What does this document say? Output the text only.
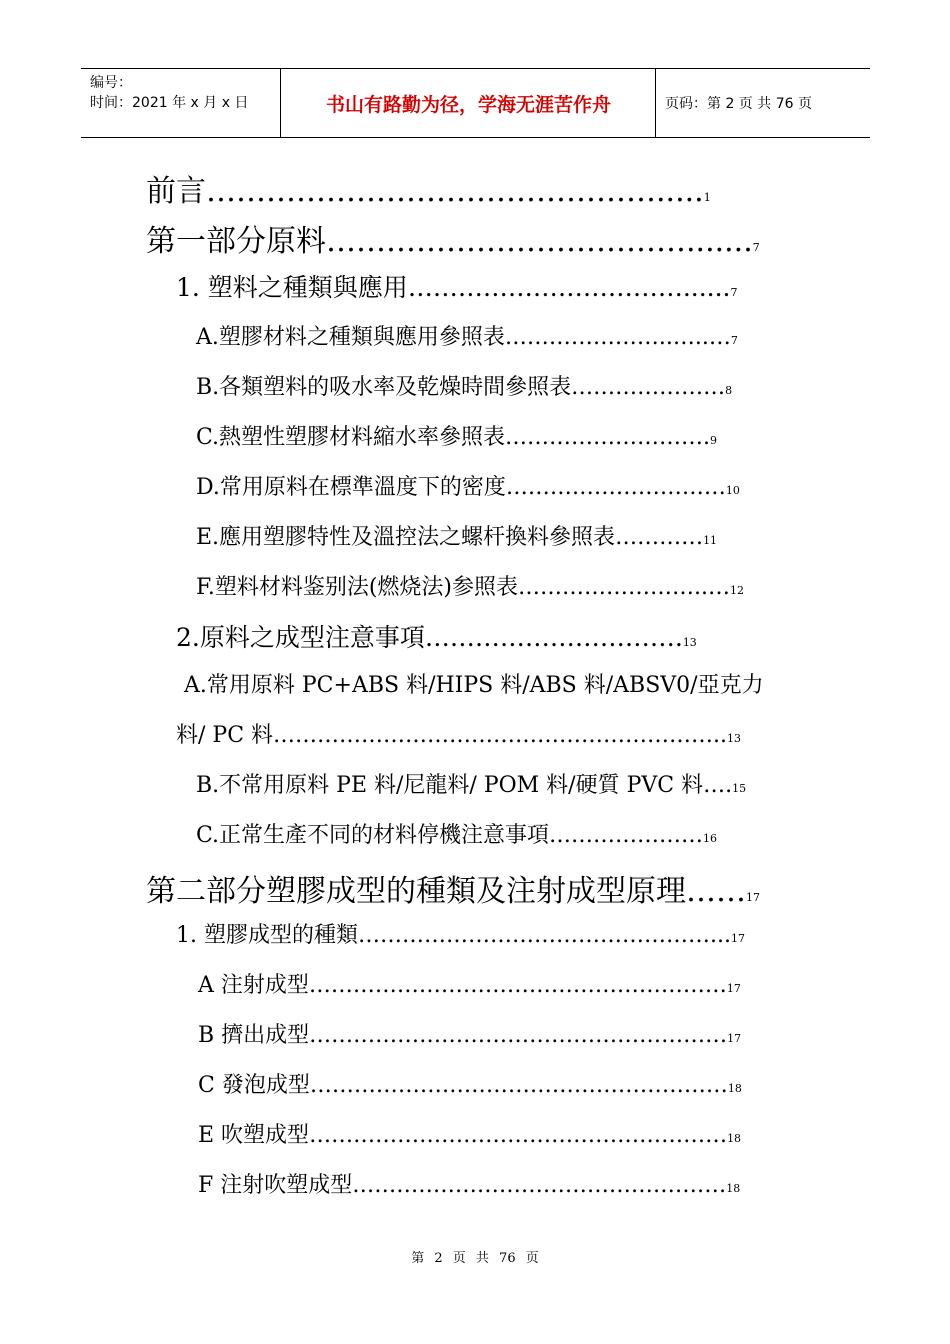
编号：
时间：2021 年 x 月 x 日	书山有路勤为径，学海无涯苦作舟	页码：第 2 页 共 76 页
前言 ………………………………………..... 1
第一部分原料 ………………………………....... 7
1. 塑料之種類與應用 ……………………………...... 7
A.塑膠材料之種類與應用參照表 …………………..…..… 7
B.各類塑料的吸水率及乾燥時間參照表 ………………… 8
C.熱塑性塑膠材料縮水率參照表 ………………………. 9
D.常用原料在標準溫度下的密度 ………………………… 10
E.應用塑膠特性及溫控法之螺杆換料參照表 ………… 11
F.塑料材料鉴别法(燃烧法)参照表 ……………………..… 12
2.原料之成型注意事項 …………………………. 13
A.常用原料 PC+ABS 料/HIPS 料/ABS 料/ABSV0/亞克力
料/ PC 料 …………………………………………………….. 13
B.不常用原料 PE 料/尼龍料/ POM 料/硬質 PVC 料 …. 15
C.正常生產不同的材料停機注意事項 ………………… 16
第二部分塑膠成型的種類及注射成型原理 …… 17
1. 塑膠成型的種類 …………………………………………... 17
A 注射成型 ………………………………………………… 17
B 擠出成型 ………………………………………………… 17
C 發泡成型 ………………………………………………… 18
E 吹塑成型 ………………………………………………… 18
F 注射吹塑成型 …………………………………………… 18
第 2 页 共 76 页
